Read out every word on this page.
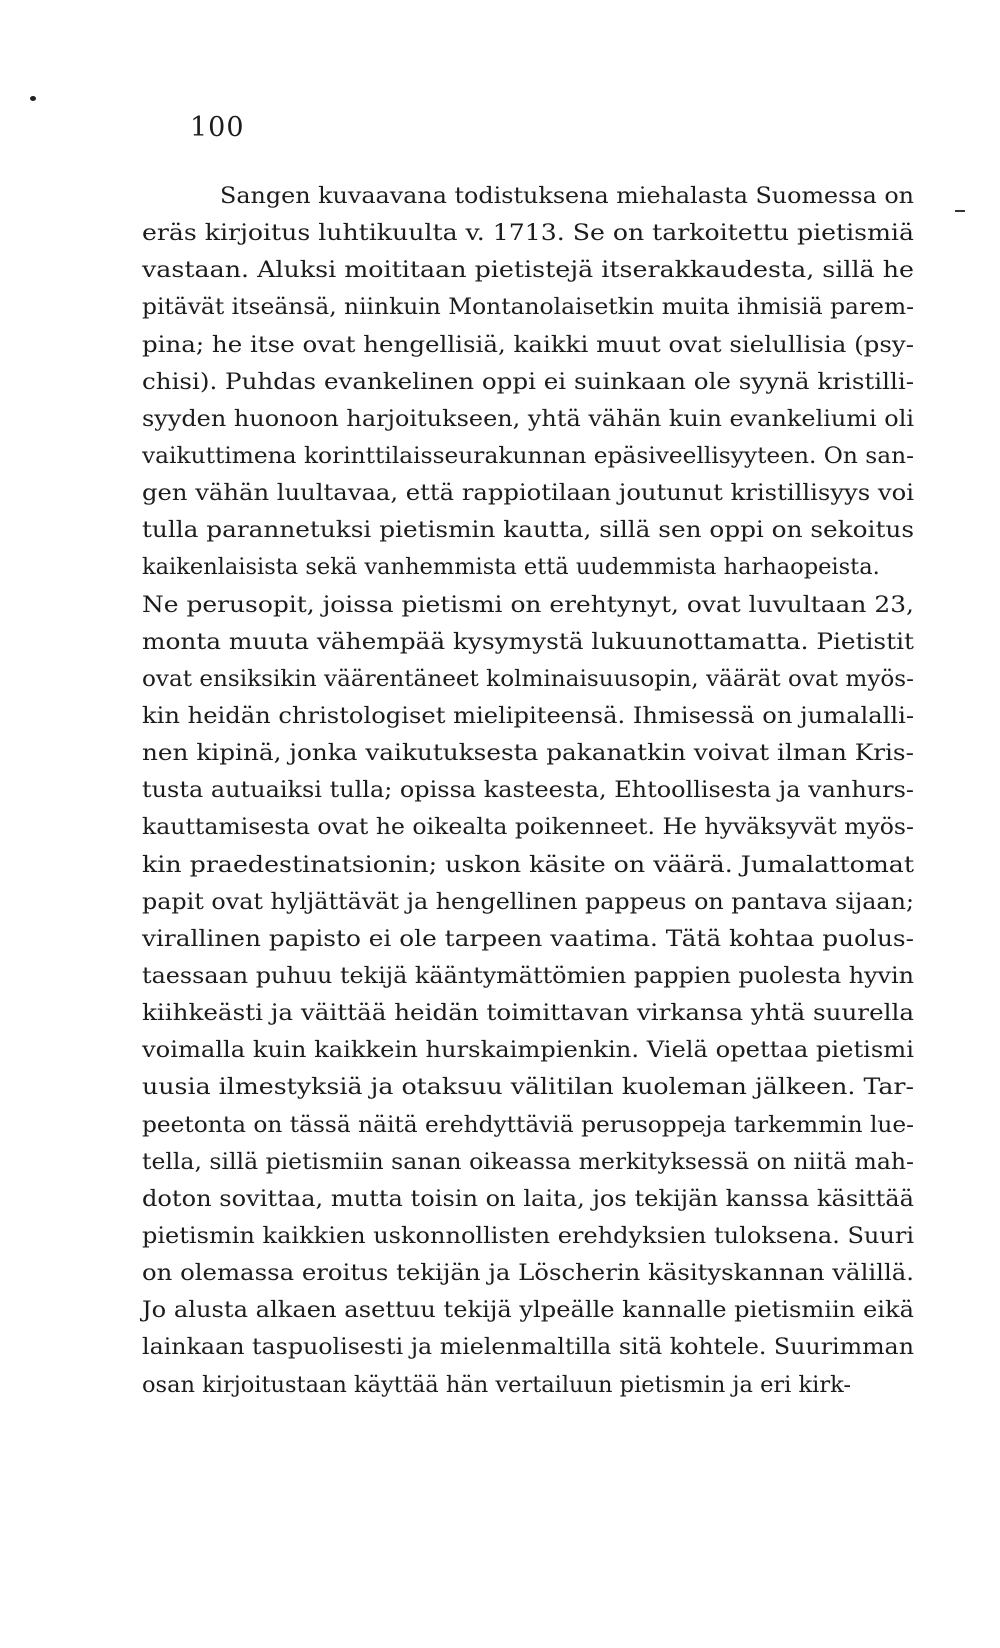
100
Sangen kuvaavana todistuksena miehalasta Suomessa on
eräs kirjoitus luhtikuulta v. 1713. Se on tarkoitettu pietismiä
vastaan. Aluksi moititaan pietistejä itserakkaudesta, sillä he
pitävät itseänsä, niinkuin Montanolaisetkin muita ihmisiä parem-
pina; he itse ovat hengellisiä, kaikki muut ovat sielullisia (psy-
chisi). Puhdas evankelinen oppi ei suinkaan ole syynä kristilli-
syyden huonoon harjoitukseen, yhtä vähän kuin evankeliumi oli
vaikuttimena korinttilaisseurakunnan epäsiveellisyyteen. On san-
gen vähän luultavaa, että rappiotilaan joutunut kristillisyys voi
tulla parannetuksi pietismin kautta, sillä sen oppi on sekoitus
kaikenlaisista sekä vanhemmista että uudemmista harhaopeista.
Ne perusopit, joissa pietismi on erehtynyt, ovat luvultaan 23,
monta muuta vähempää kysymystä lukuunottamatta. Pietistit
ovat ensiksikin väärentäneet kolminaisuusopin, väärät ovat myös-
kin heidän christologiset mielipiteensä. Ihmisessä on jumalalli-
nen kipinä, jonka vaikutuksesta pakanatkin voivat ilman Kris-
tusta autuaiksi tulla; opissa kasteesta, Ehtoollisesta ja vanhurs-
kauttamisesta ovat he oikealta poikenneet. He hyväksyvät myös-
kin praedestinatsionin; uskon käsite on väärä. Jumalattomat
papit ovat hyljättävät ja hengellinen pappeus on pantava sijaan;
virallinen papisto ei ole tarpeen vaatima. Tätä kohtaa puolus-
taessaan puhuu tekijä kääntymättömien pappien puolesta hyvin
kiihkeästi ja väittää heidän toimittavan virkansa yhtä suurella
voimalla kuin kaikkein hurskaimpienkin. Vielä opettaa pietismi
uusia ilmestyksiä ja otaksuu välitilan kuoleman jälkeen. Tar-
peetonta on tässä näitä erehdyttäviä perusoppeja tarkemmin lue-
tella, sillä pietismiin sanan oikeassa merkityksessä on niitä mah-
doton sovittaa, mutta toisin on laita, jos tekijän kanssa käsittää
pietismin kaikkien uskonnollisten erehdyksien tuloksena. Suuri
on olemassa eroitus tekijän ja Löscherin käsityskannan välillä.
Jo alusta alkaen asettuu tekijä ylpeälle kannalle pietismiin eikä
lainkaan taspuolisesti ja mielenmaltilla sitä kohtele. Suurimman
osan kirjoitustaan käyttää hän vertailuun pietismin ja eri kirk-
